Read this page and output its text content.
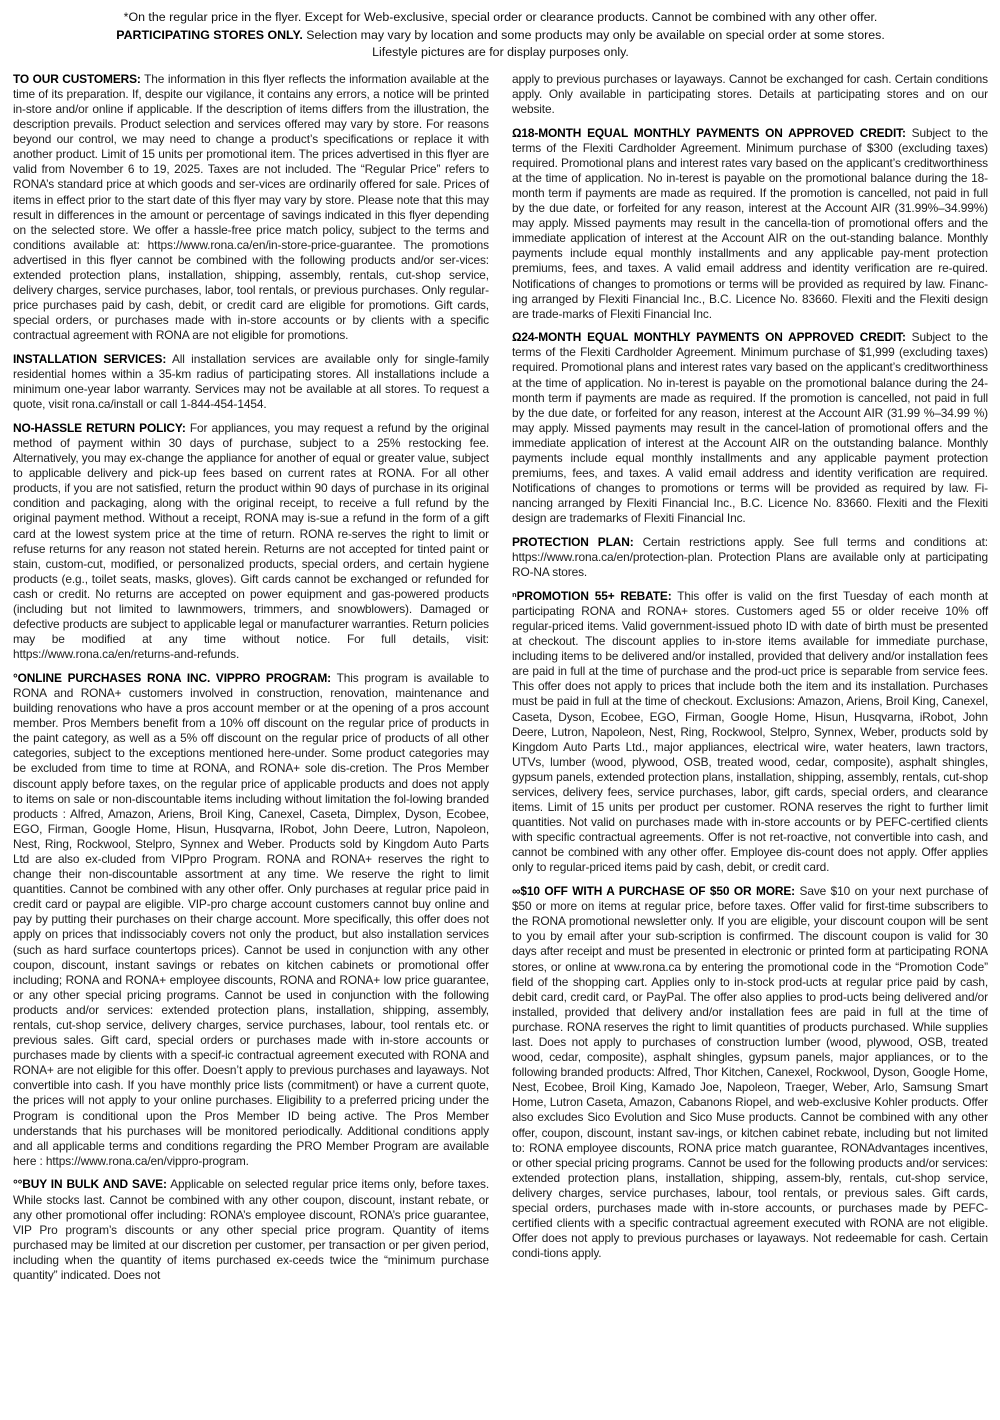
*On the regular price in the flyer. Except for Web-exclusive, special order or clearance products. Cannot be combined with any other offer.
PARTICIPATING STORES ONLY. Selection may vary by location and some products may only be available on special order at some stores.
Lifestyle pictures are for display purposes only.

TO OUR CUSTOMERS: The information in this flyer reflects the information available at the time of its preparation. If, despite our vigilance, it contains any errors, a notice will be printed in-store and/or online if applicable. If the description of items differs from the illustration, the description prevails. Product selection and services offered may vary by store. For reasons beyond our control, we may need to change a product’s specifications or replace it with another product. Limit of 15 units per promotional item. The prices advertised in this flyer are valid from November 6 to 19, 2025. Taxes are not included. The “Regular Price” refers to RONA’s standard price at which goods and ser-vices are ordinarily offered for sale. Prices of items in effect prior to the start date of this flyer may vary by store. Please note that this may result in differences in the amount or percentage of savings indicated in this flyer depending on the selected store. We offer a hassle-free price match policy, subject to the terms and conditions available at: https://www.rona.ca/en/in-store-price-guarantee. The promotions advertised in this flyer cannot be combined with the following products and/or ser-vices: extended protection plans, installation, shipping, assembly, rentals, cut-shop service, delivery charges, service purchases, labor, tool rentals, or previous purchases. Only regular-price purchases paid by cash, debit, or credit card are eligible for promotions. Gift cards, special orders, or purchases made with in-store accounts or by clients with a specific contractual agreement with RONA are not eligible for promotions.

INSTALLATION SERVICES: All installation services are available only for single-family residential homes within a 35-km radius of participating stores. All installations include a minimum one-year labor warranty. Services may not be available at all stores. To request a quote, visit rona.ca/install or call 1-844-454-1454.

NO-HASSLE RETURN POLICY: For appliances, you may request a refund by the original method of payment within 30 days of purchase, subject to a 25% restocking fee. Alternatively, you may ex-change the appliance for another of equal or greater value, subject to applicable delivery and pick-up fees based on current rates at RONA. For all other products, if you are not satisfied, return the product within 90 days of purchase in its original condition and packaging, along with the original receipt, to receive a full refund by the original payment method. Without a receipt, RONA may is-sue a refund in the form of a gift card at the lowest system price at the time of return. RONA re-serves the right to limit or refuse returns for any reason not stated herein. Returns are not accepted for tinted paint or stain, custom-cut, modified, or personalized products, special orders, and certain hygiene products (e.g., toilet seats, masks, gloves). Gift cards cannot be exchanged or refunded for cash or credit. No returns are accepted on power equipment and gas-powered products (including but not limited to lawnmowers, trimmers, and snowblowers). Damaged or defective products are subject to applicable legal or manufacturer warranties. Return policies may be modified at any time without notice. For full details, visit: https://www.rona.ca/en/returns-and-refunds.

°ONLINE PURCHASES RONA INC. VIPPRO PROGRAM: This program is available to RONA and RONA+ customers involved in construction, renovation, maintenance and building renovations who have a pros account member or at the opening of a pros account member. Pros Members benefit from a 10% off discount on the regular price of products in the paint category, as well as a 5% off discount on the regular price of products of all other categories, subject to the exceptions mentioned here-under. Some product categories may be excluded from time to time at RONA, and RONA+ sole dis-cretion. The Pros Member discount apply before taxes, on the regular price of applicable products and does not apply to items on sale or non-discountable items including without limitation the fol-lowing branded products : Alfred, Amazon, Ariens, Broil King, Canexel, Caseta, Dimplex, Dyson, Ecobee, EGO, Firman, Google Home, Hisun, Husqvarna, IRobot, John Deere, Lutron, Napoleon, Nest, Ring, Rockwool, Stelpro, Synnex and Weber. Products sold by Kingdom Auto Parts Ltd are also ex-cluded from VIPpro Program. RONA and RONA+ reserves the right to change their non-discountable assortment at any time. We reserve the right to limit quantities. Cannot be combined with any other offer. Only purchases at regular price paid in credit card or paypal are eligible. VIP-pro charge account customers cannot buy online and pay by putting their purchases on their charge account. More specifically, this offer does not apply on prices that indissociably covers not only the product, but also installation services (such as hard surface countertops prices). Cannot be used in conjunction with any other coupon, discount, instant savings or rebates on kitchen cabinets or promotional offer including; RONA and RONA+ employee discounts, RONA and RONA+ low price guarantee, or any other special pricing programs. Cannot be used in conjunction with the following products and/or services: extended protection plans, installation, shipping, assembly, rentals, cut-shop service, delivery charges, service purchases, labour, tool rentals etc. or previous sales. Gift card, special orders or purchases made with in-store accounts or purchases made by clients with a specif-ic contractual agreement executed with RONA and RONA+ are not eligible for this offer. Doesn’t apply to previous purchases and layaways. Not convertible into cash. If you have monthly price lists (commitment) or have a current quote, the prices will not apply to your online purchases. Eligibility to a preferred pricing under the Program is conditional upon the Pros Member ID being active. The Pros Member understands that his purchases will be monitored periodically. Additional conditions apply and all applicable terms and conditions regarding the PRO Member Program are available here : https://www.rona.ca/en/vippro-program.

°°BUY IN BULK AND SAVE: Applicable on selected regular price items only, before taxes. While stocks last. Cannot be combined with any other coupon, discount, instant rebate, or any other promotional offer including: RONA’s employee discount, RONA’s price guarantee, VIP Pro program’s discounts or any other special price program. Quantity of items purchased may be limited at our discretion per customer, per transaction or per given period, including when the quantity of items purchased ex-ceeds twice the “minimum purchase quantity” indicated. Does not

apply to previous purchases or layaways. Cannot be exchanged for cash. Certain conditions apply. Only available in participating stores. Details at participating stores and on our website.

Ω18-MONTH EQUAL MONTHLY PAYMENTS ON APPROVED CREDIT: Subject to the terms of the Flexiti Cardholder Agreement. Minimum purchase of $300 (excluding taxes) required. Promotional plans and interest rates vary based on the applicant’s creditworthiness at the time of application. No in-terest is payable on the promotional balance during the 18-month term if payments are made as required. If the promotion is cancelled, not paid in full by the due date, or forfeited for any reason, interest at the Account AIR (31.99%–34.99%) may apply. Missed payments may result in the cancella-tion of promotional offers and the immediate application of interest at the Account AIR on the out-standing balance. Monthly payments include equal monthly installments and any applicable pay-ment protection premiums, fees, and taxes. A valid email address and identity verification are re-quired. Notifications of changes to promotions or terms will be provided as required by law. Financ-ing arranged by Flexiti Financial Inc., B.C. Licence No. 83660. Flexiti and the Flexiti design are trade-marks of Flexiti Financial Inc.

Ω24-MONTH EQUAL MONTHLY PAYMENTS ON APPROVED CREDIT: Subject to the terms of the Flexiti Cardholder Agreement. Minimum purchase of $1,999 (excluding taxes) required. Promotional plans and interest rates vary based on the applicant’s creditworthiness at the time of application. No in-terest is payable on the promotional balance during the 24-month term if payments are made as required. If the promotion is cancelled, not paid in full by the due date, or forfeited for any reason, interest at the Account AIR (31.99 %–34.99 %) may apply. Missed payments may result in the cancel-lation of promotional offers and the immediate application of interest at the Account AIR on the outstanding balance. Monthly payments include equal monthly installments and any applicable payment protection premiums, fees, and taxes. A valid email address and identity verification are required. Notifications of changes to promotions or terms will be provided as required by law. Fi-nancing arranged by Flexiti Financial Inc., B.C. Licence No. 83660. Flexiti and the Flexiti design are trademarks of Flexiti Financial Inc.

PROTECTION PLAN: Certain restrictions apply. See full terms and conditions at: https://www.rona.ca/en/protection-plan. Protection Plans are available only at participating RO-NA stores.

ⁿPROMOTION 55+ REBATE: This offer is valid on the first Tuesday of each month at participating RONA and RONA+ stores. Customers aged 55 or older receive 10% off regular-priced items. Valid government-issued photo ID with date of birth must be presented at checkout. The discount applies to in-store items available for immediate purchase, including items to be delivered and/or installed, provided that delivery and/or installation fees are paid in full at the time of purchase and the prod-uct price is separable from service fees. This offer does not apply to prices that include both the item and its installation. Purchases must be paid in full at the time of checkout. Exclusions: Amazon, Ariens, Broil King, Canexel, Caseta, Dyson, Ecobee, EGO, Firman, Google Home, Hisun, Husqvarna, iRobot, John Deere, Lutron, Napoleon, Nest, Ring, Rockwool, Stelpro, Synnex, Weber, products sold by Kingdom Auto Parts Ltd., major appliances, electrical wire, water heaters, lawn tractors, UTVs, lumber (wood, plywood, OSB, treated wood, cedar, composite), asphalt shingles, gypsum panels, extended protection plans, installation, shipping, assembly, rentals, cut-shop services, delivery fees, service purchases, labor, gift cards, special orders, and clearance items. Limit of 15 units per product per customer. RONA reserves the right to further limit quantities. Not valid on purchases made with in-store accounts or by PEFC-certified clients with specific contractual agreements. Offer is not ret-roactive, not convertible into cash, and cannot be combined with any other offer. Employee dis-count does not apply. Offer applies only to regular-priced items paid by cash, debit, or credit card.

∞$10 OFF WITH A PURCHASE OF $50 OR MORE: Save $10 on your next purchase of $50 or more on items at regular price, before taxes. Offer valid for first-time subscribers to the RONA promotional newsletter only. If you are eligible, your discount coupon will be sent to you by email after your sub-scription is confirmed. The discount coupon is valid for 30 days after receipt and must be presented in electronic or printed form at participating RONA stores, or online at www.rona.ca by entering the promotional code in the “Promotion Code” field of the shopping cart. Applies only to in-stock prod-ucts at regular price paid by cash, debit card, credit card, or PayPal. The offer also applies to prod-ucts being delivered and/or installed, provided that delivery and/or installation fees are paid in full at the time of purchase. RONA reserves the right to limit quantities of products purchased. While supplies last. Does not apply to purchases of construction lumber (wood, plywood, OSB, treated wood, cedar, composite), asphalt shingles, gypsum panels, major appliances, or to the following branded products: Alfred, Thor Kitchen, Canexel, Rockwool, Dyson, Google Home, Nest, Ecobee, Broil King, Kamado Joe, Napoleon, Traeger, Weber, Arlo, Samsung Smart Home, Lutron Caseta, Amazon, Cabanons Riopel, and web-exclusive Kohler products. Offer also excludes Sico Evolution and Sico Muse products. Cannot be combined with any other offer, coupon, discount, instant sav-ings, or kitchen cabinet rebate, including but not limited to: RONA employee discounts, RONA price match guarantee, RONAdvantages incentives, or other special pricing programs. Cannot be used for the following products and/or services: extended protection plans, installation, shipping, assem-bly, rentals, cut-shop service, delivery charges, service purchases, labour, tool rentals, or previous sales. Gift cards, special orders, purchases made with in-store accounts, or purchases made by PEFC-certified clients with a specific contractual agreement executed with RONA are not eligible. Offer does not apply to previous purchases or layaways. Not redeemable for cash. Certain condi-tions apply.
